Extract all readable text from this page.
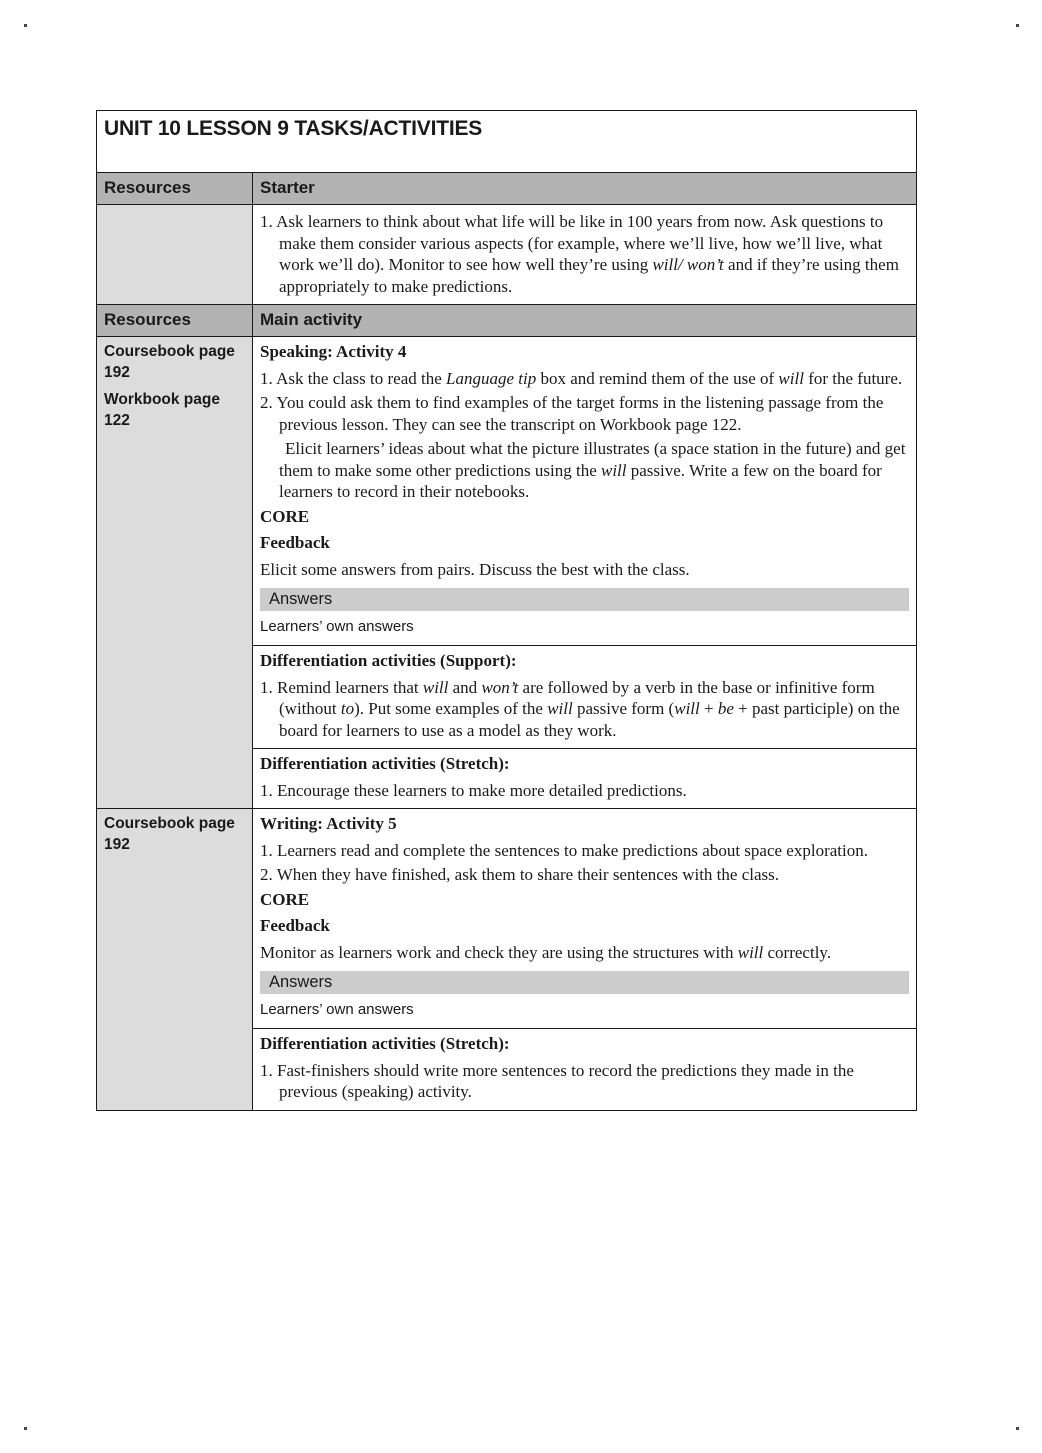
UNIT 10 LESSON 9 TASKS/ACTIVITIES
Resources	Starter

1. Ask learners to think about what life will be like in 100 years from now. Ask questions to make them consider various aspects (for example, where we’ll live, how we’ll live, what work we’ll do). Monitor to see how well they’re using will/ won’t and if they’re using them appropriately to make predictions.

Resources	Main activity
Coursebook page 192
Workbook page 122

Speaking: Activity 4

1. Ask the class to read the Language tip box and remind them of the use of will for the future.

2. You could ask them to find examples of the target forms in the listening passage from the previous lesson. They can see the transcript on Workbook page 122.

Elicit learners’ ideas about what the picture illustrates (a space station in the future) and get them to make some other predictions using the will passive. Write a few on the board for learners to record in their notebooks.

CORE

Feedback

Elicit some answers from pairs. Discuss the best with the class.

Answers
Learners’ own answers

Differentiation activities (Support):

1. Remind learners that will and won’t are followed by a verb in the base or infinitive form (without to). Put some examples of the will passive form (will + be + past participle) on the board for learners to use as a model as they work.

Differentiation activities (Stretch):

1. Encourage these learners to make more detailed predictions.

Coursebook page 192

Writing: Activity 5

1. Learners read and complete the sentences to make predictions about space exploration.

2. When they have finished, ask them to share their sentences with the class.

CORE

Feedback

Monitor as learners work and check they are using the structures with will correctly.

Answers
Learners’ own answers

Differentiation activities (Stretch):

1. Fast-finishers should write more sentences to record the predictions they made in the previous (speaking) activity.
